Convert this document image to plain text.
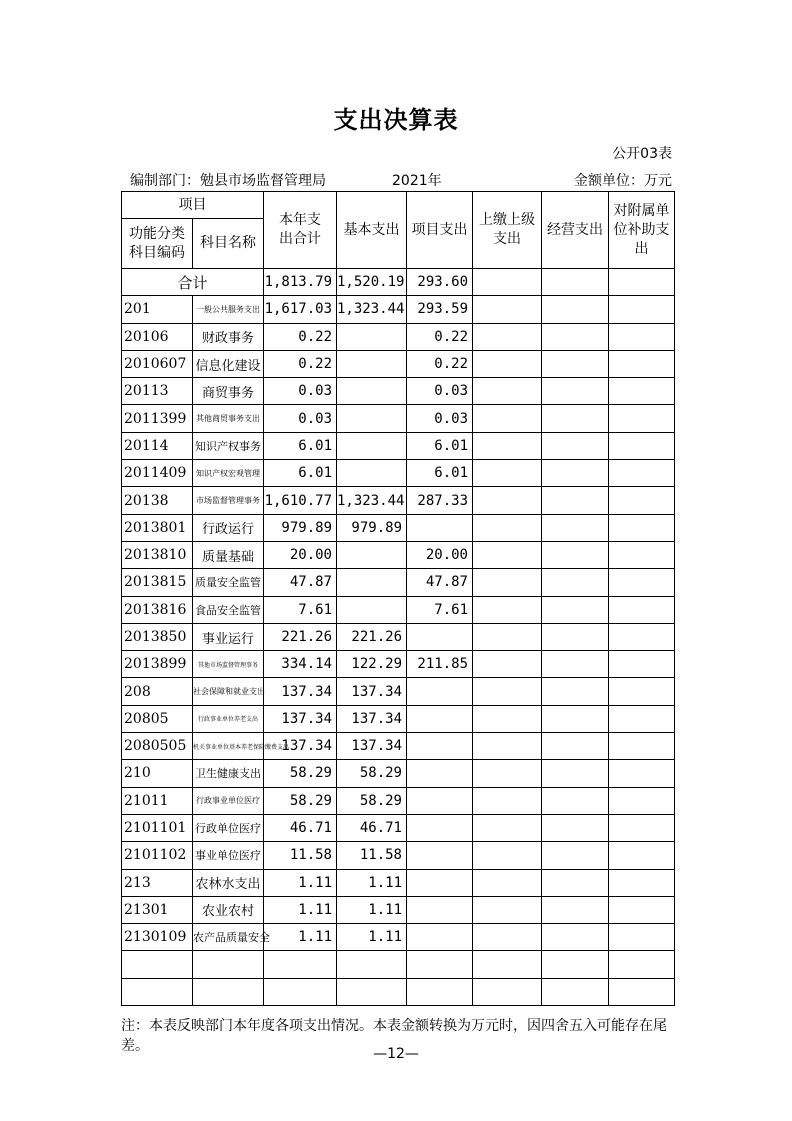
支出决算表
公开03表
编制部门：勉县市场监督管理局	2021年	金额单位：万元
项目		本年支出合计	基本支出	项目支出	上缴上级支出	经营支出	对附属单位补助支出

功能分类科目编码	科目名称						
合计		1,813.79	1,520.19	293.60			
201	一般公共服务支出	1,617.03	1,323.44	293.59			
20106	财政事务	0.22		0.22			
2010607	信息化建设	0.22		0.22			
20113	商贸事务	0.03		0.03			
2011399	其他商贸事务支出	0.03		0.03			
20114	知识产权事务	6.01		6.01			
2011409	知识产权宏观管理	6.01		6.01			
20138	市场监督管理事务	1,610.77	1,323.44	287.33			
2013801	行政运行	979.89	979.89				
2013810	质量基础	20.00		20.00			
2013815	质量安全监管	47.87		47.87			
2013816	食品安全监管	7.61		7.61			
2013850	事业运行	221.26	221.26				
2013899	其他市场监督管理事务	334.14	122.29	211.85			
208	社会保障和就业支出	137.34	137.34				
20805	行政事业单位养老支出	137.34	137.34				
2080505	机关事业单位基本养老保险缴费支出	137.34	137.34				
210	卫生健康支出	58.29	58.29				
21011	行政事业单位医疗	58.29	58.29				
2101101	行政单位医疗	46.71	46.71				
2101102	事业单位医疗	11.58	11.58				
213	农林水支出	1.11	1.11				
21301	农业农村	1.11	1.11				
2130109	农产品质量安全	1.11	1.11				

注：本表反映部门本年度各项支出情况。本表金额转换为万元时，因四舍五入可能存在尾差。	—12—
